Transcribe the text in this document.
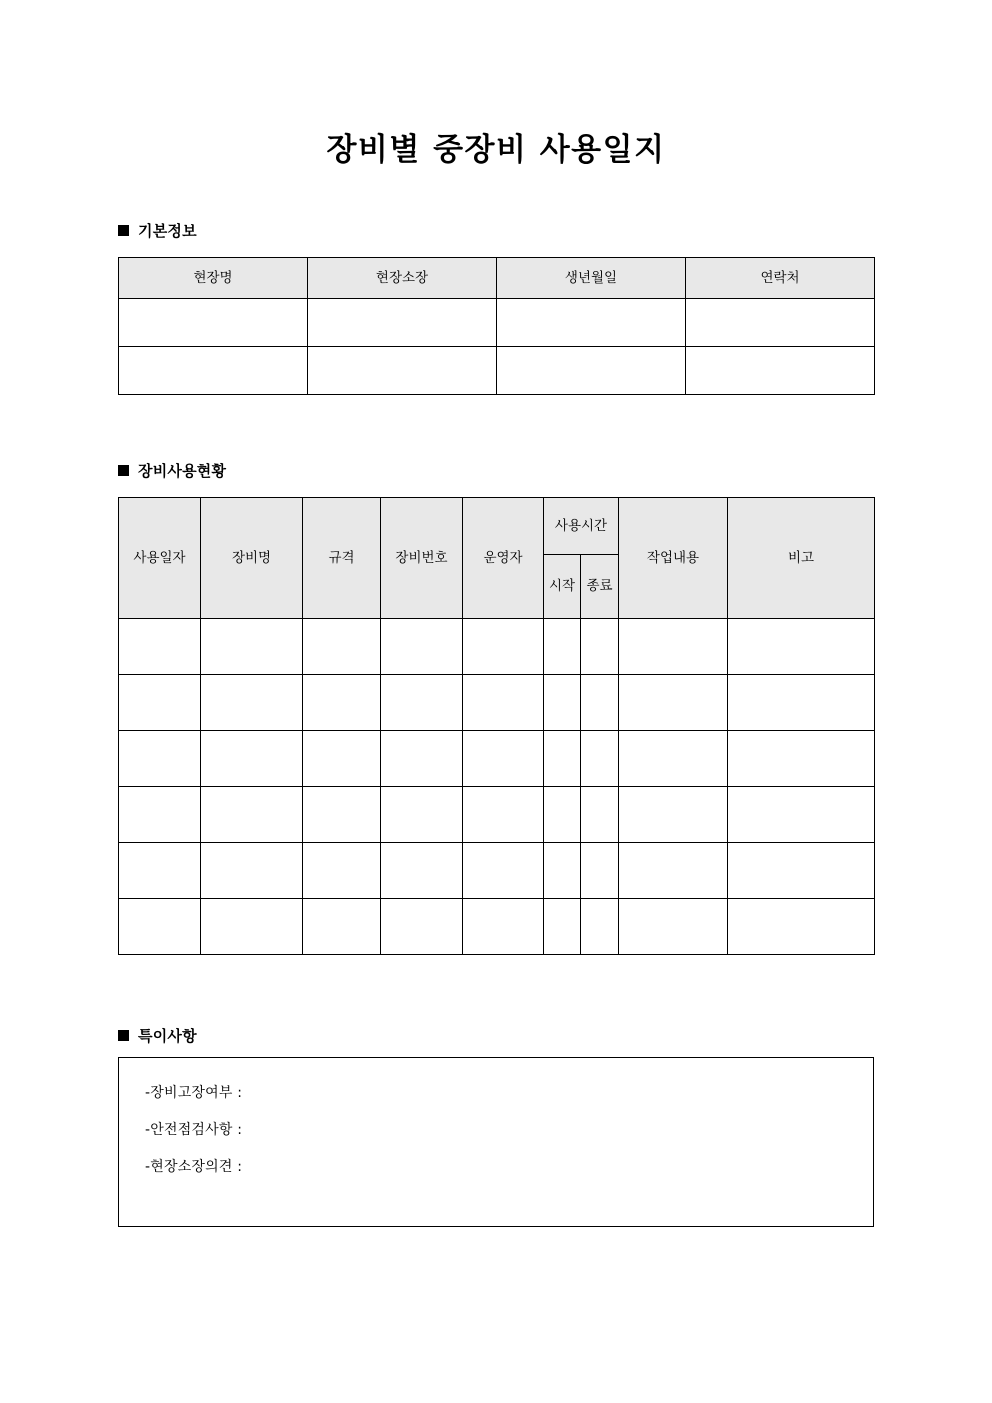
장비별 중장비 사용일지
기본정보
현장명	현장소장	생년월일	연락처

장비사용현황
사용일자	장비명	규격	장비번호	운영자	사용시간		작업내용	비고
					시작	종료		

특이사항
-장비고장여부 :
-안전점검사항 :
-현장소장의견 :
